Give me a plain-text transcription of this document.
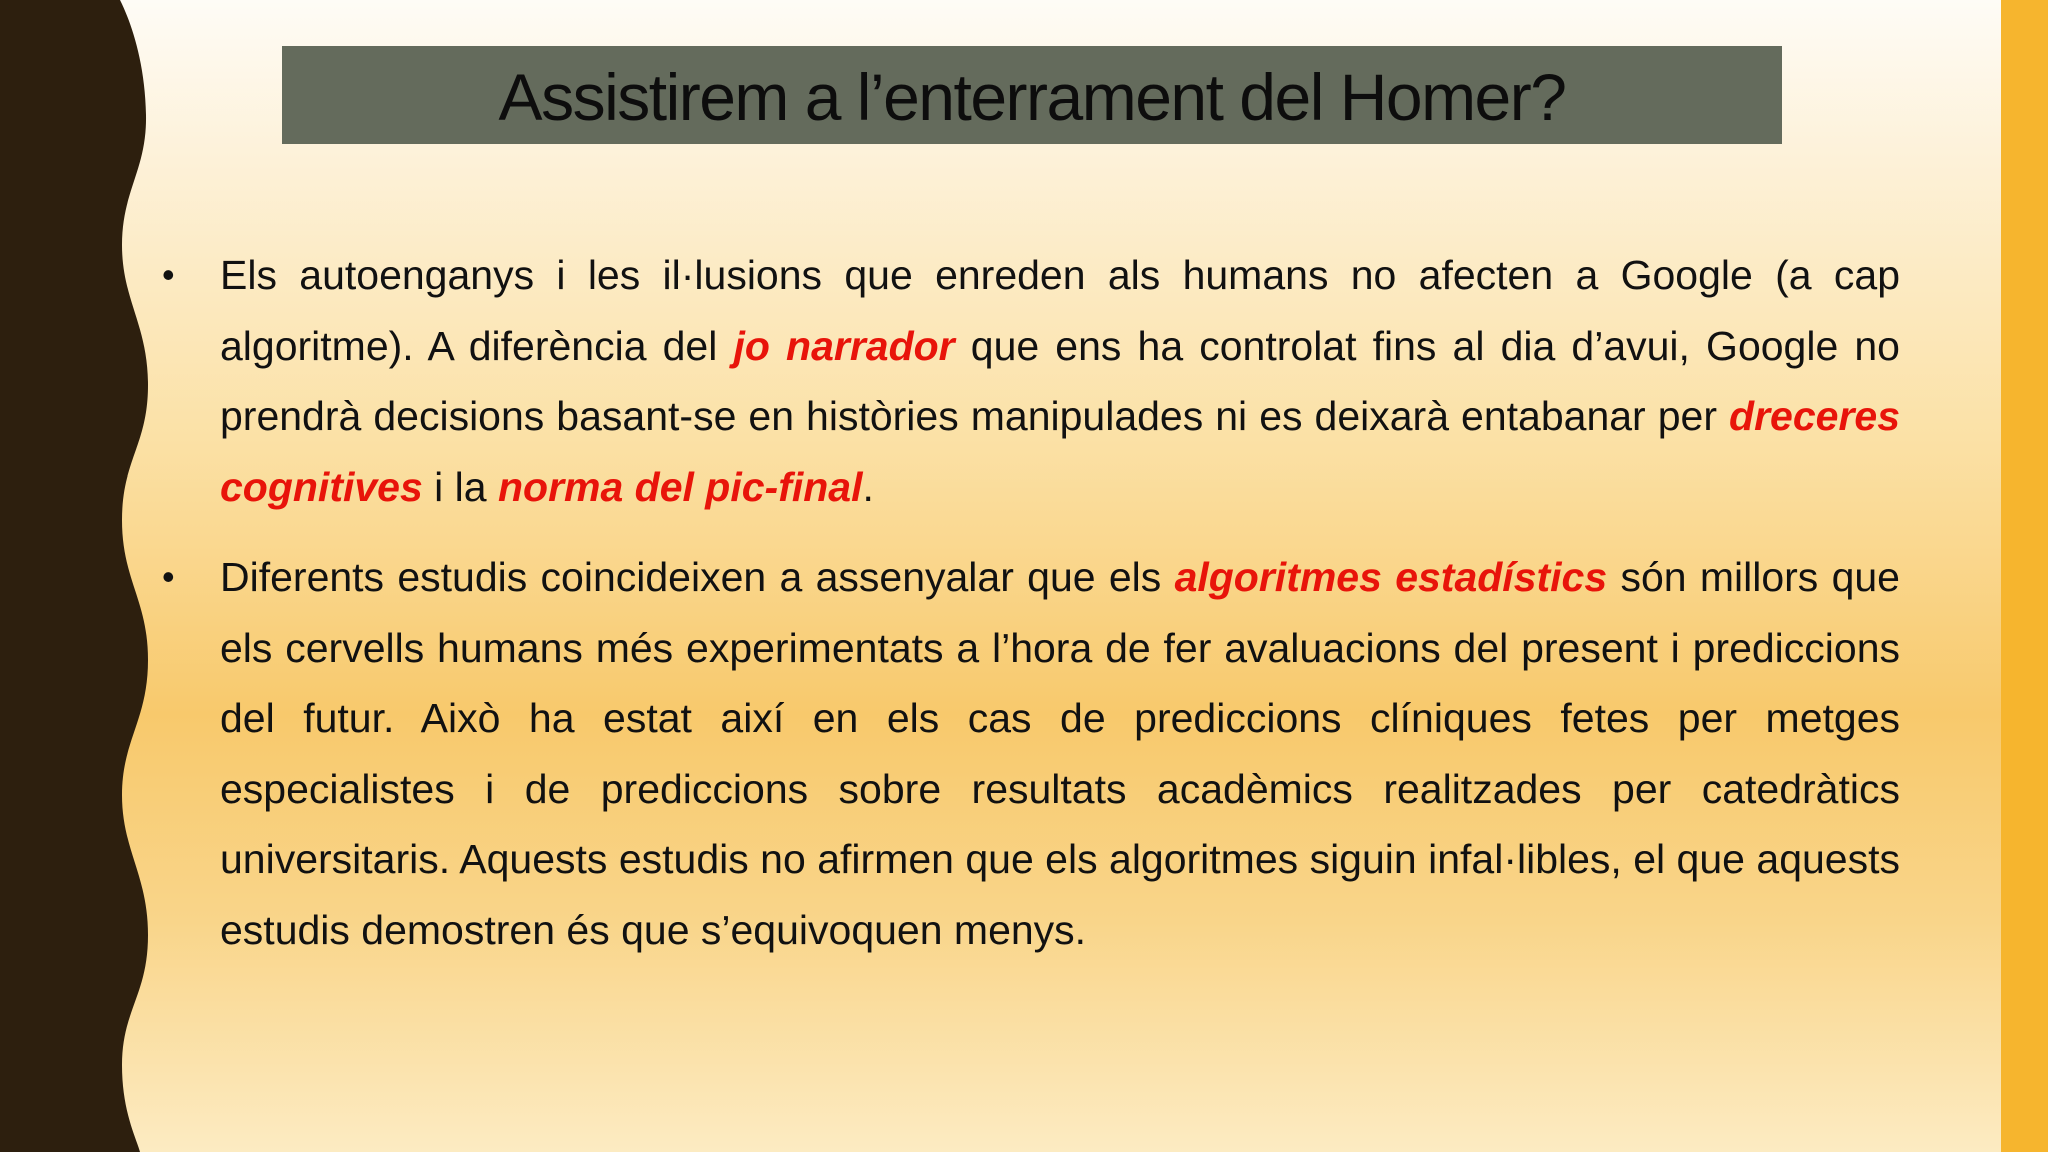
Assistirem a l’enterrament del Homer?
• Els autoenganys i les il·lusions que enreden als humans no afecten a Google (a cap algoritme). A diferència del jo narrador que ens ha controlat fins al dia d’avui, Google no prendrà decisions basant-se en històries manipulades ni es deixarà entabanar per dreceres cognitives i la norma del pic-final.
• Diferents estudis coincideixen a assenyalar que els algoritmes estadístics són millors que els cervells humans més experimentats a l’hora de fer avaluacions del present i prediccions del futur. Això ha estat així en els cas de prediccions clíniques fetes per metges especialistes i de prediccions sobre resultats acadèmics realitzades per catedràtics universitaris. Aquests estudis no afirmen que els algoritmes siguin infal·libles, el que aquests estudis demostren és que s’equivoquen menys.
